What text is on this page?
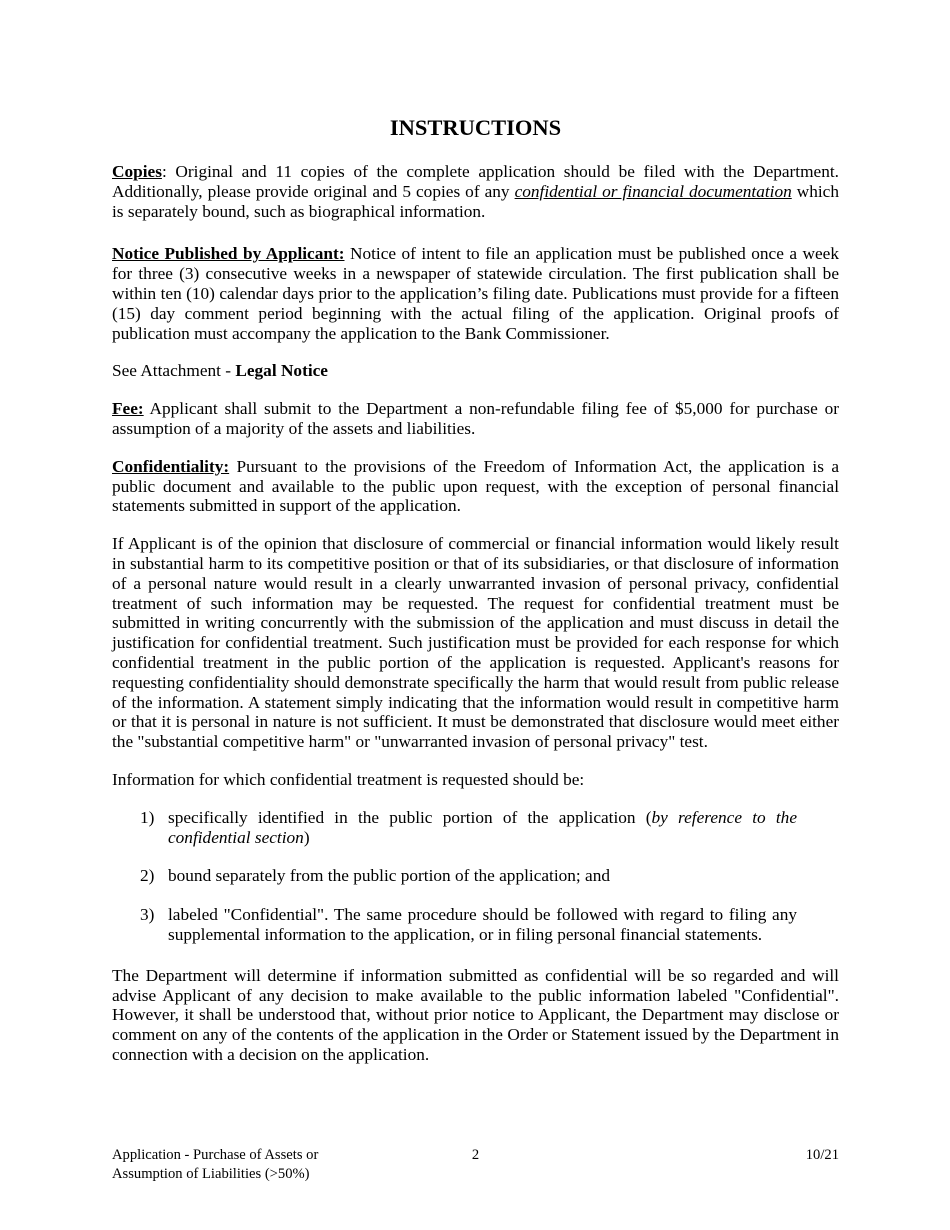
INSTRUCTIONS

Copies: Original and 11 copies of the complete application should be filed with the Department. Additionally, please provide original and 5 copies of any confidential or financial documentation which is separately bound, such as biographical information.

Notice Published by Applicant: Notice of intent to file an application must be published once a week for three (3) consecutive weeks in a newspaper of statewide circulation. The first publication shall be within ten (10) calendar days prior to the application’s filing date. Publications must provide for a fifteen (15) day comment period beginning with the actual filing of the application. Original proofs of publication must accompany the application to the Bank Commissioner.

See Attachment - Legal Notice

Fee: Applicant shall submit to the Department a non-refundable filing fee of $5,000 for purchase or assumption of a majority of the assets and liabilities.

Confidentiality: Pursuant to the provisions of the Freedom of Information Act, the application is a public document and available to the public upon request, with the exception of personal financial statements submitted in support of the application.

If Applicant is of the opinion that disclosure of commercial or financial information would likely result in substantial harm to its competitive position or that of its subsidiaries, or that disclosure of information of a personal nature would result in a clearly unwarranted invasion of personal privacy, confidential treatment of such information may be requested. The request for confidential treatment must be submitted in writing concurrently with the submission of the application and must discuss in detail the justification for confidential treatment. Such justification must be provided for each response for which confidential treatment in the public portion of the application is requested. Applicant's reasons for requesting confidentiality should demonstrate specifically the harm that would result from public release of the information. A statement simply indicating that the information would result in competitive harm or that it is personal in nature is not sufficient. It must be demonstrated that disclosure would meet either the "substantial competitive harm" or "unwarranted invasion of personal privacy" test.

Information for which confidential treatment is requested should be:

1) specifically identified in the public portion of the application (by reference to the confidential section)
2) bound separately from the public portion of the application; and
3) labeled "Confidential". The same procedure should be followed with regard to filing any supplemental information to the application, or in filing personal financial statements.

The Department will determine if information submitted as confidential will be so regarded and will advise Applicant of any decision to make available to the public information labeled "Confidential". However, it shall be understood that, without prior notice to Applicant, the Department may disclose or comment on any of the contents of the application in the Order or Statement issued by the Department in connection with a decision on the application.

Application - Purchase of Assets or
Assumption of Liabilities (>50%)
2	10/21
